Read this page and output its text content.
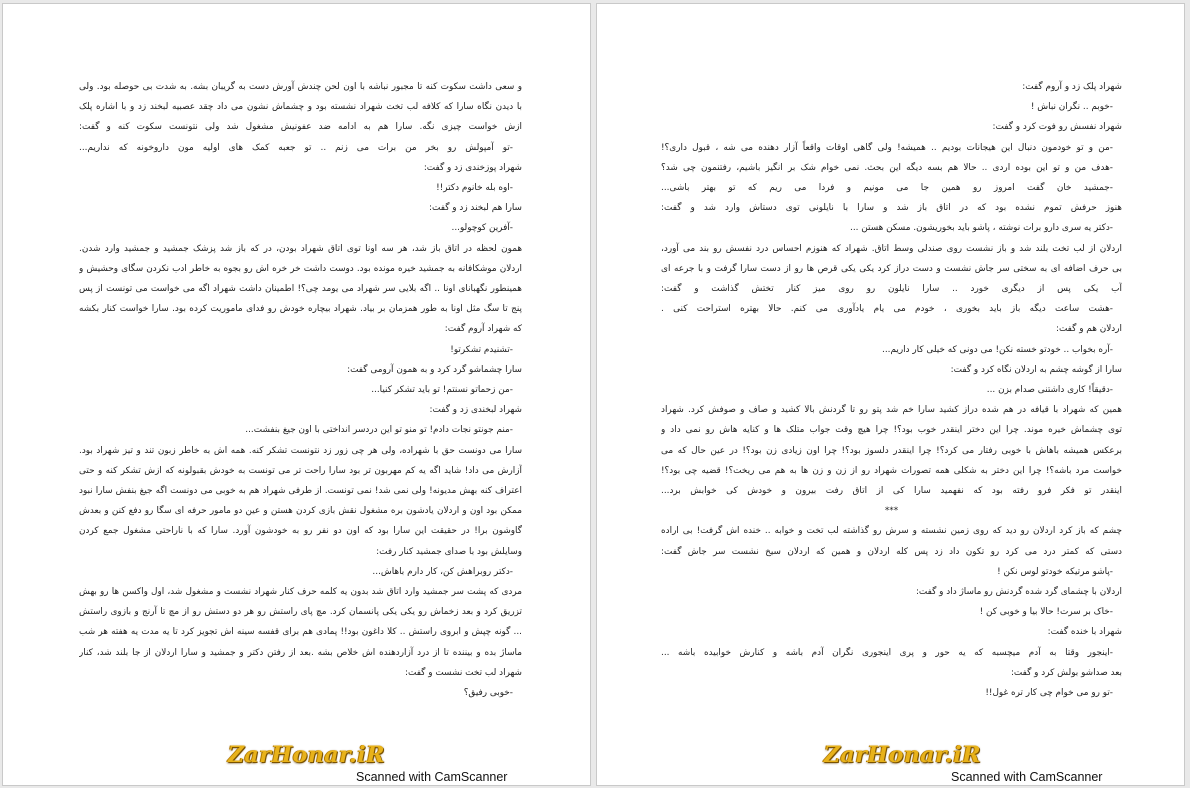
و سعی داشت سکوت کنه تا مجبور نباشه با اون لحن چندش آورش دست به گریبان بشه. به شدت بی حوصله بود. ولی
با دیدن نگاه سارا که کلافه لب تخت شهراد نشسته بود و چشماش نشون می داد چقد عصبیه لبخند زد و با اشاره پلک
ازش خواست چیزی نگه. سارا هم به ادامه ضد عفونیش مشغول شد ولی نتونست سکوت کنه و گفت:
-تو آمپولش رو بخر من برات می زنم .. تو جعبه کمک های اولیه مون داروخونه که نداریم...
شهراد پوزخندی زد و گفت:
-اوه بله خانوم دکتر!!
سارا هم لبخند زد و گفت:
-آفرین کوچولو...
همون لحظه در اتاق باز شد، هر سه اونا توی اتاق شهراد بودن، در که باز شد پزشک جمشید و جمشید وارد شدن.
اردلان موشکافانه به جمشید خیره مونده بود. دوست داشت خر خره اش رو بجوه به خاطر ادب نکردن سگای وحشیش و
همینطور نگهبانای اونا .. اگه بلایی سر شهراد می یومد چی؟! اطمینان داشت شهراد اگه می خواست می تونست از پس
پنج تا سگ مثل اونا به طور همزمان بر بیاد. شهراد بیچاره خودش رو فدای ماموریت کرده بود. سارا خواست کنار بکشه
که شهراد آروم گفت:
-تشنیدم تشکرتو!
سارا چشماشو گرد کرد و به همون آرومی گفت:
-من زحماتو نسنتم! تو باید تشکر کنیا...
شهراد لبخندی زد و گفت:
-منم جونتو نجات دادم! تو منو تو این دردسر انداختی با اون جیغ بنفشت...
سارا می دونست حق با شهراده، ولی هر چی زور زد نتونست تشکر کنه. همه اش به خاطر زبون تند و تیز شهراد بود.
آزارش می داد! شاید اگه یه کم مهربون تر بود سارا راحت تر می تونست به خودش بقبولونه که ازش تشکر کنه و حتی
اعتراف کنه بهش مدیونه! ولی نمی شد! نمی تونست. از طرفی شهراد هم به خوبی می دونست اگه جیغ بنفش سارا نبود
ممکن بود اون و اردلان یادشون بره مشغول نقش بازی کردن هستن و عین دو مامور حرفه ای سگا رو دفع کنن و بعدش
گاوشون برا! در حقیقت این سارا بود که اون دو نفر رو به خودشون آورد. سارا که با ناراحتی مشغول جمع کردن
وسایلش بود با صدای جمشید کنار رفت:
-دکتر روبراهش کن، کار دارم باهاش...
مردی که پشت سر جمشید وارد اتاق شد بدون یه کلمه حرف کنار شهراد نشست و مشغول شد، اول واکسن ها رو بهش
تزریق کرد و بعد زخماش رو یکی یکی پانسمان کرد. مچ پای راستش رو هر دو دستش رو از مچ تا آرنج و بازوی راستش
... گونه چپش و ابروی راستش .. کلا داغون بود!! پمادی هم برای قفسه سینه اش تجویز کرد تا یه مدت یه هفته هر شب
ماساژ بده و بیننده تا از درد آزاردهنده اش خلاص بشه .بعد از رفتن دکتر و جمشید و سارا اردلان از جا بلند شد، کنار
شهراد لب تخت نشست و گفت:
-خوبی رفیق؟
ZarHonar.iR
Scanned with CamScanner
شهراد پلک زد و آروم گفت:
-خوبم .. نگران نباش !
شهراد نفسش رو فوت کرد و گفت:
-من و تو خودمون دنبال این هیجانات بودیم .. همیشه! ولی گاهی اوقات واقعاً آزار دهنده می شه ، قبول داری؟!
-هدف من و تو این بوده اردی .. حالا هم بسه دیگه این بحث. نمی خوام شک بر انگیز باشیم، رفتنمون چی شد؟
-جمشید خان گفت امروز رو همین جا می مونیم و فردا می ریم که تو بهتر باشی...
هنوز حرفش تموم نشده بود که در اتاق باز شد و سارا با نایلونی توی دستاش وارد شد و گفت:
-دکتر یه سری دارو برات نوشته ، پاشو باید بخوریشون. مسکن هستن ...
اردلان از لب تخت بلند شد و باز نشست روی صندلی وسط اتاق. شهراد که هنوزم احساس درد نفسش رو بند می آورد،
بی حرف اضافه ای به سختی سر جاش نشست و دست دراز کرد یکی یکی قرص ها رو از دست سارا گرفت و با جرعه ای
آب یکی پس از دیگری خورد .. سارا نایلون رو روی میز کنار تختش گذاشت و گفت:
-هشت ساعت دیگه باز باید بخوری ، خودم می یام یادآوری می کنم. حالا بهتره استراحت کنی .
اردلان هم و گفت:
-آره بخواب .. خودتو خسته نکن! می دونی که خیلی کار داریم...
سارا از گوشه چشم به اردلان نگاه کرد و گفت:
-دقیقاً! کاری داشتنی صدام بزن ...
همین که شهراد با قیافه در هم شده دراز کشید سارا خم شد پتو رو تا گردنش بالا کشید و صاف و صوفش کرد. شهراد
توی چشماش خیره موند. چرا این دختر اینقدر خوب بود؟! چرا هیچ وقت جواب متلک ها و کنایه هاش رو نمی داد و
برعکس همیشه باهاش با خوبی رفتار می کرد؟! چرا اینقدر دلسوز بود؟! چرا اون زیادی زن بود؟! در عین حال که می
خواست مرد باشه؟! چرا این دختر به شکلی همه تصورات شهراد رو از زن و زن ها به هم می ریخت؟! قضیه چی بود؟!
اینقدر تو فکر فرو رفته بود که نفهمید سارا کی از اتاق رفت بیرون و خودش کی خوابش برد...
***
چشم که باز کرد اردلان رو دید که روی زمین نشسته و سرش رو گذاشته لب تخت و خوابه .. خنده اش گرفت! بی اراده
دستی که کمتر درد می کرد رو تکون داد زد پس کله اردلان و همین که اردلان سیخ نشست سر جاش گفت:
-پاشو مرتیکه خودتو لوس نکن !
اردلان با چشمای گرد شده گردنش رو ماساژ داد و گفت:
-خاک بر سرت! حالا بیا و خوبی کن !
شهراد با خنده گفت:
-اینجور وقتا به آدم میچسبه که یه حور و پری اینجوری نگران آدم باشه و کنارش خوابیده باشه ...
بعد صداشو بولش کرد و گفت:
-تو رو می خوام چی کار تره غول!!
ZarHonar.iR
Scanned with CamScanner
